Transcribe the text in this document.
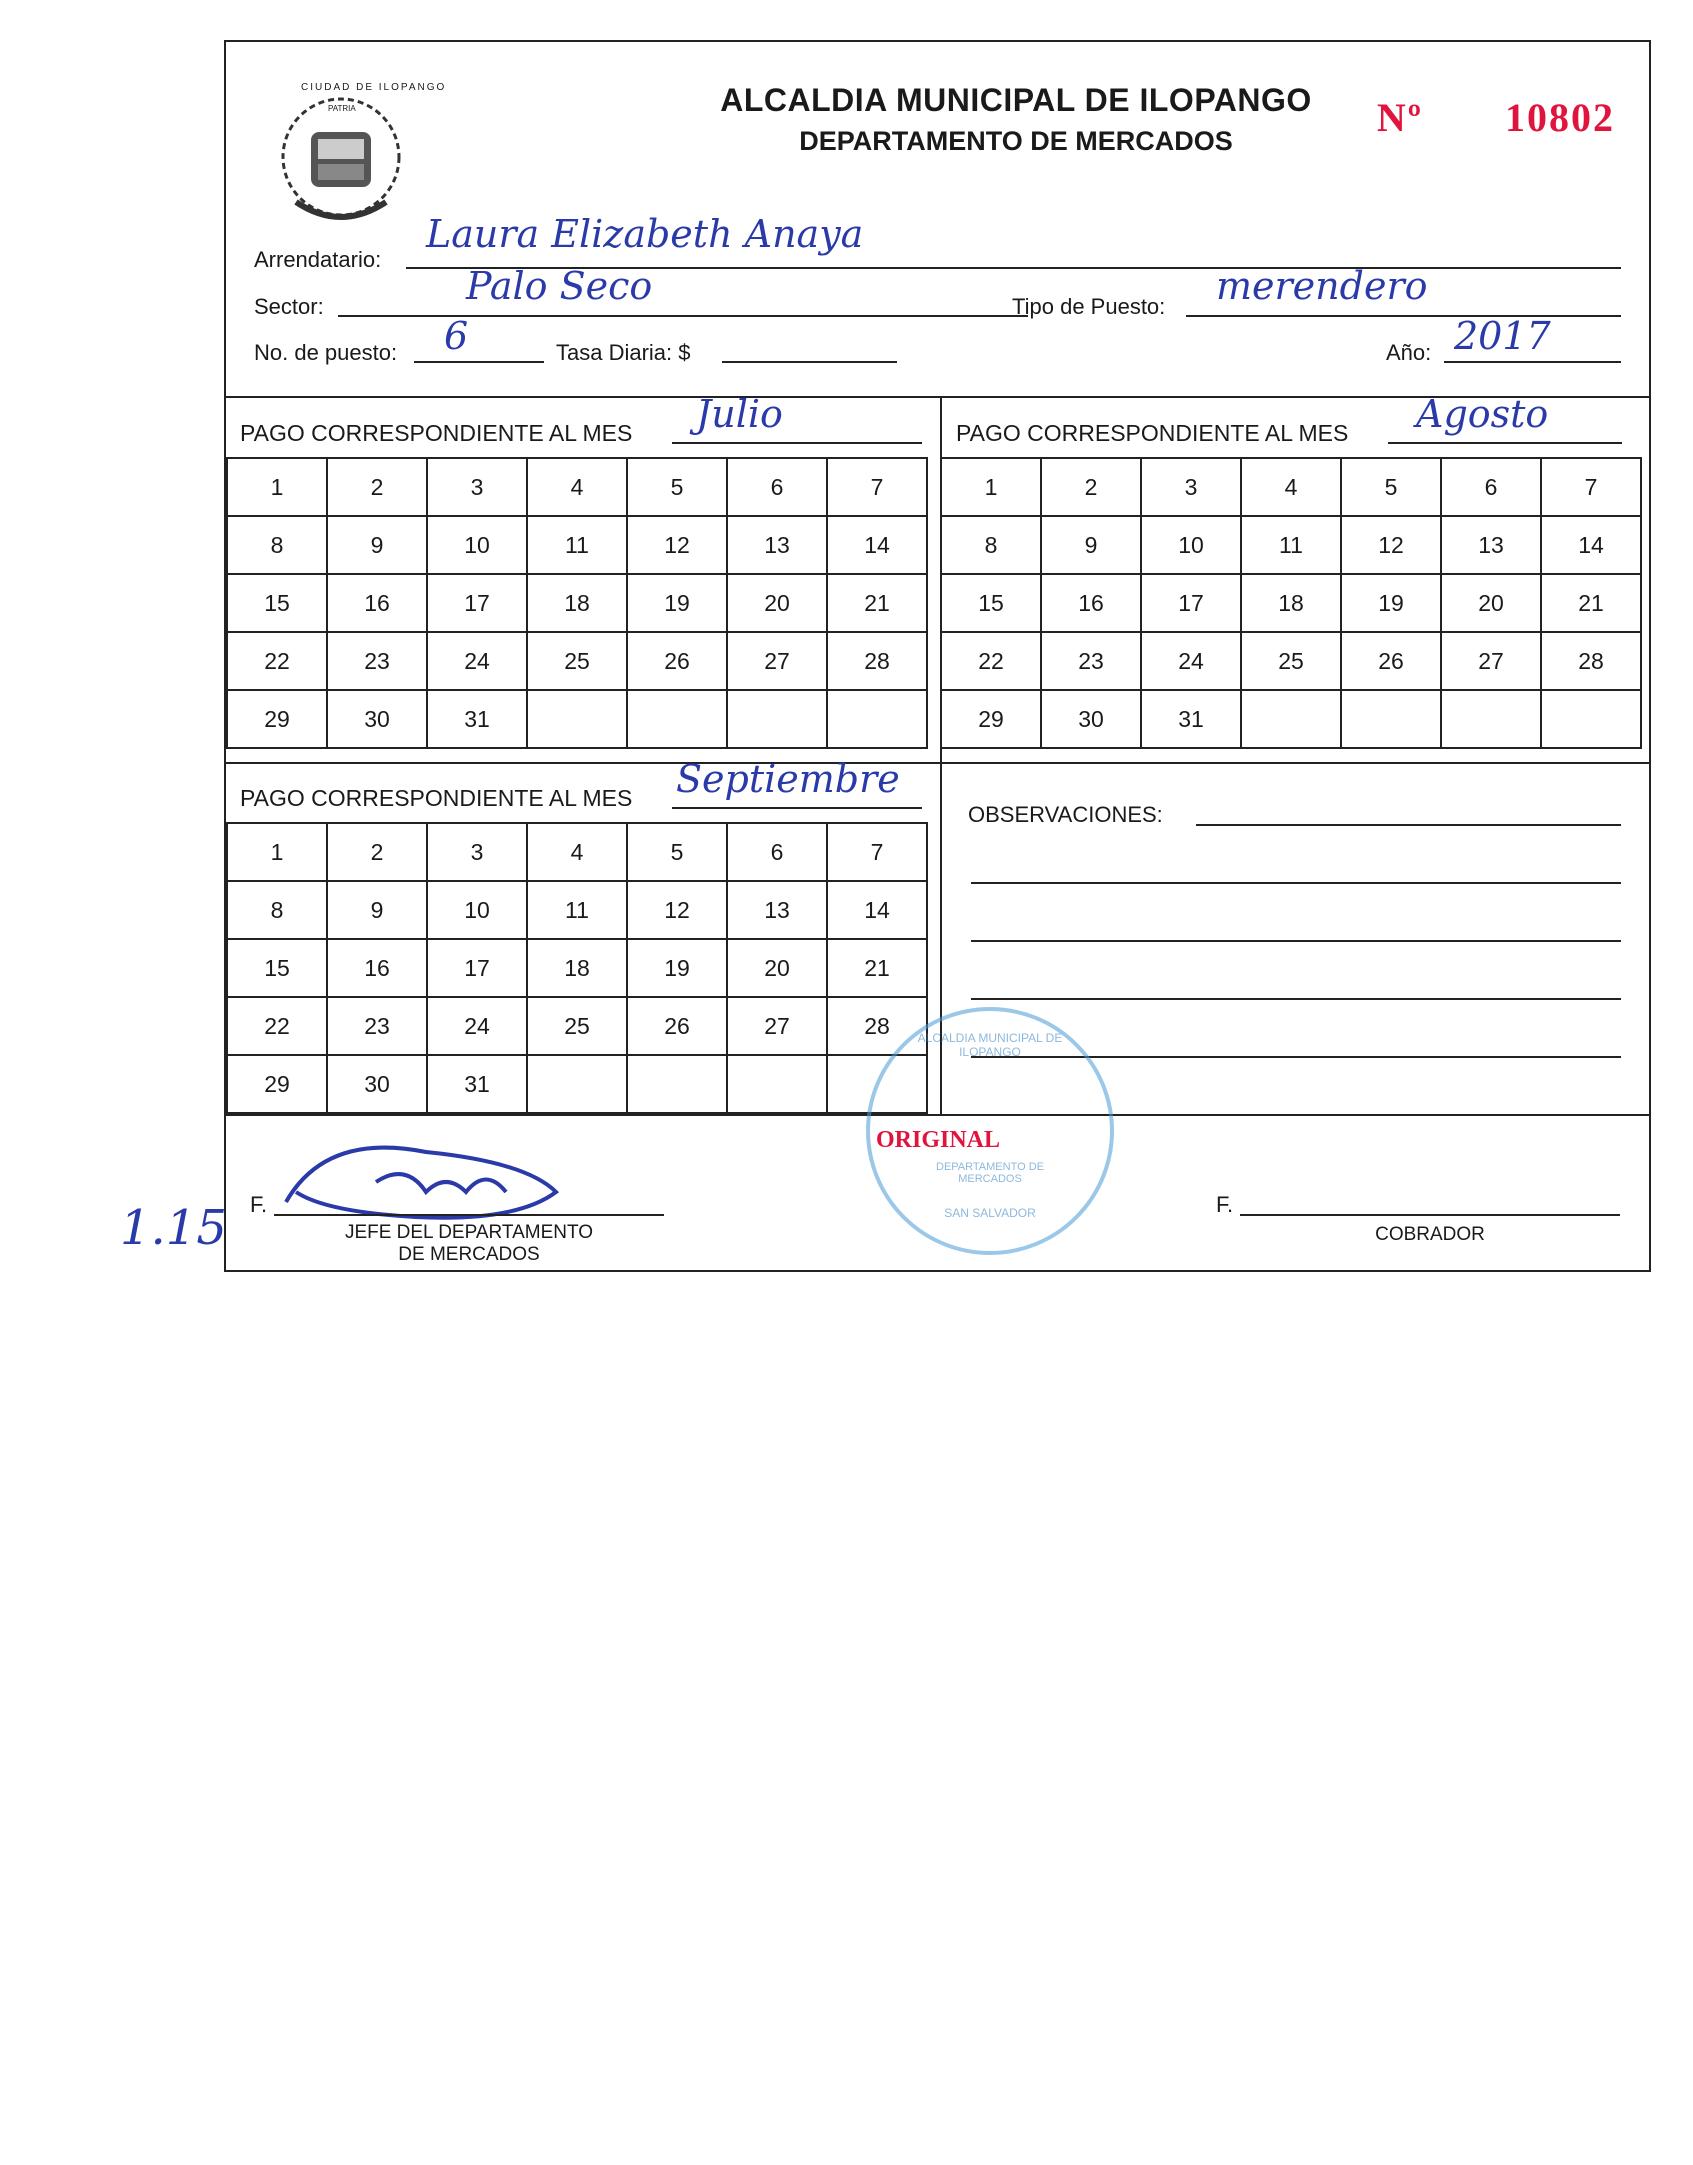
CIUDAD DE ILOPANGO
PATRIA	ALCALDIA MUNICIPAL DE ILOPANGO
DEPARTAMENTO DE MERCADOS
Nº 10802
Arrendatario:
Laura Elizabeth Anaya
Sector:	Palo Seco	Tipo de Puesto: merendero
No. de puesto: 6	Tasa Diaria: $	Año: 2017
PAGO CORRESPONDIENTE AL MES Julio
1	2	3	4	5	6	7
8	9	10	11	12	13	14
15	16	17	18	19	20	21
22	23	24	25	26	27	28
29	30	31				
PAGO CORRESPONDIENTE AL MES Agosto
1	2	3	4	5	6	7
8	9	10	11	12	13	14
15	16	17	18	19	20	21
22	23	24	25	26	27	28
29	30	31				
PAGO CORRESPONDIENTE AL MES Septiembre
1	2	3	4	5	6	7
8	9	10	11	12	13	14
15	16	17	18	19	20	21
22	23	24	25	26	27	28
29	30	31				
OBSERVACIONES:
F.
JEFE DEL DEPARTAMENTO
DE MERCADOS
F.
COBRADOR
ALCALDIA MUNICIPAL DE ILOPANGO
DEPARTAMENTO DE MERCADOS
SAN SALVADOR
ORIGINAL
1.15
